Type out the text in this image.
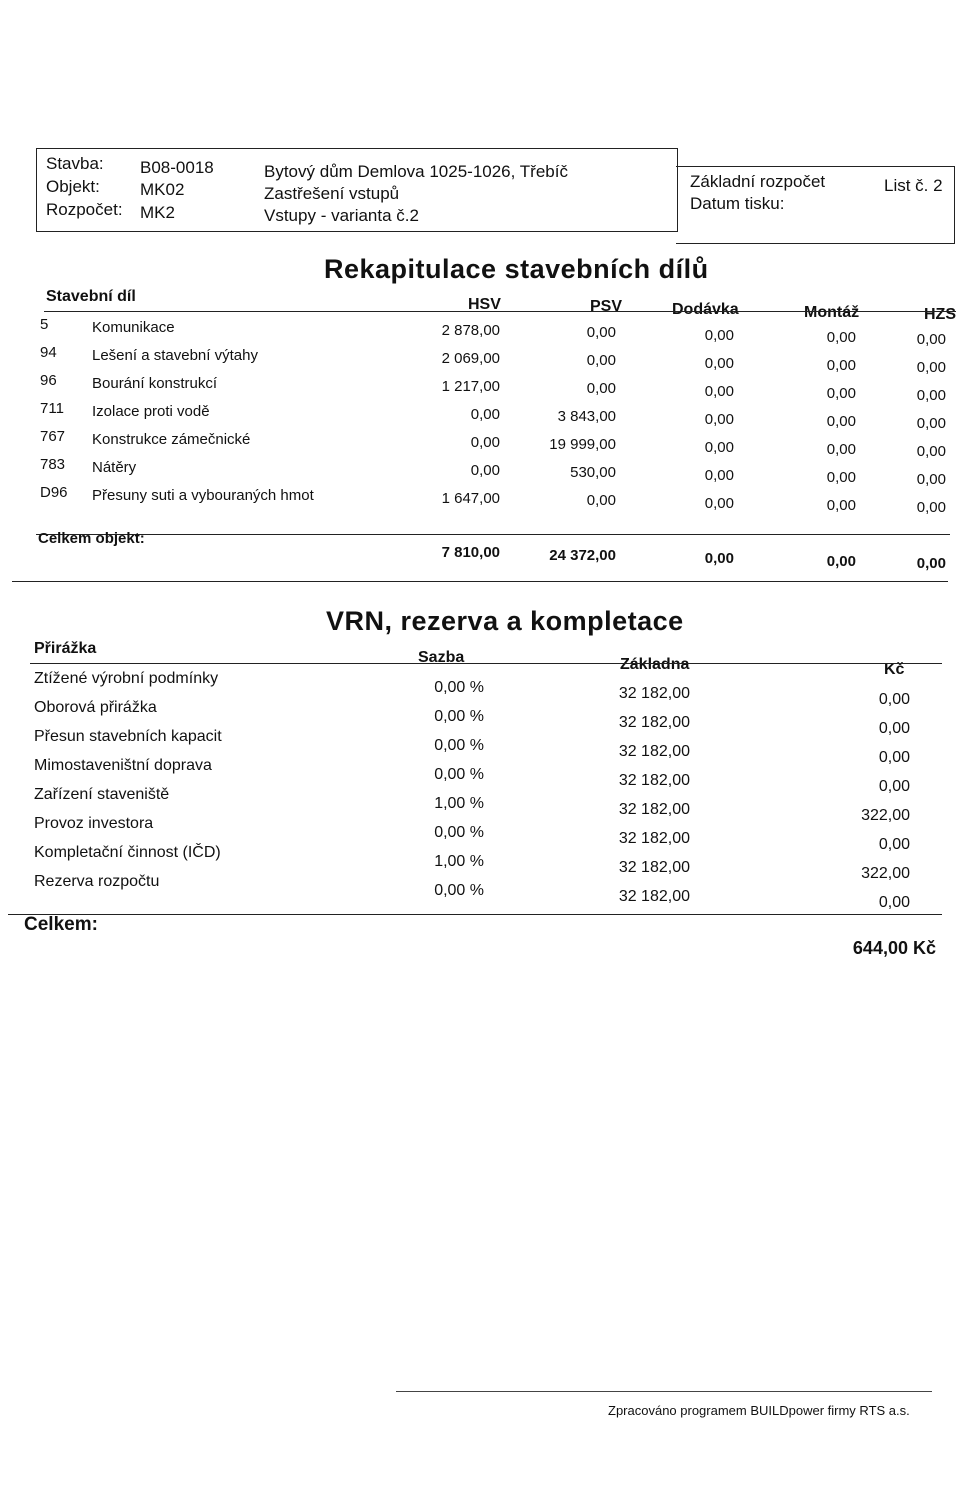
Stavba: B08-0018	Bytový dům Demlova 1025-1026, Třebíč
Objekt: MK02	Zastřešení vstupů
Rozpočet: MK2	Vstupy - varianta č.2
Základní rozpočet	List č. 2
Datum tisku:
Rekapitulace stavebních dílů
Stavební díl	HSV	PSV	Dodávka	Montáž	HZS
5	Komunikace	2 878,00	0,00	0,00	0,00	0,00
94	Lešení a stavební výtahy	2 069,00	0,00	0,00	0,00	0,00
96	Bourání konstrukcí	1 217,00	0,00	0,00	0,00	0,00
711	Izolace proti vodě	0,00	3 843,00	0,00	0,00	0,00
767	Konstrukce zámečnické	0,00	19 999,00	0,00	0,00	0,00
783	Nátěry	0,00	530,00	0,00	0,00	0,00
D96	Přesuny suti a vybouraných hmot	1 647,00	0,00	0,00	0,00	0,00
Celkem objekt:
7 810,00	24 372,00	0,00	0,00	0,00
VRN, rezerva a kompletace
Přirážka
Sazba	Základna	Kč
Ztížené výrobní podmínky
0,00 %	32 182,00	0,00
Oborová přirážka
0,00 %	32 182,00	0,00
Přesun stavebních kapacit
0,00 %	32 182,00	0,00
Mimostaveništní doprava
0,00 %	32 182,00	0,00
Zařízení staveniště
1,00 %	32 182,00	322,00
Provoz investora
0,00 %	32 182,00	0,00
Kompletační činnost (IČD)
1,00 %	32 182,00	322,00
Rezerva rozpočtu
0,00 %	32 182,00	0,00
Celkem:
644,00 Kč
Zpracováno programem BUILDpower firmy RTS a.s.
